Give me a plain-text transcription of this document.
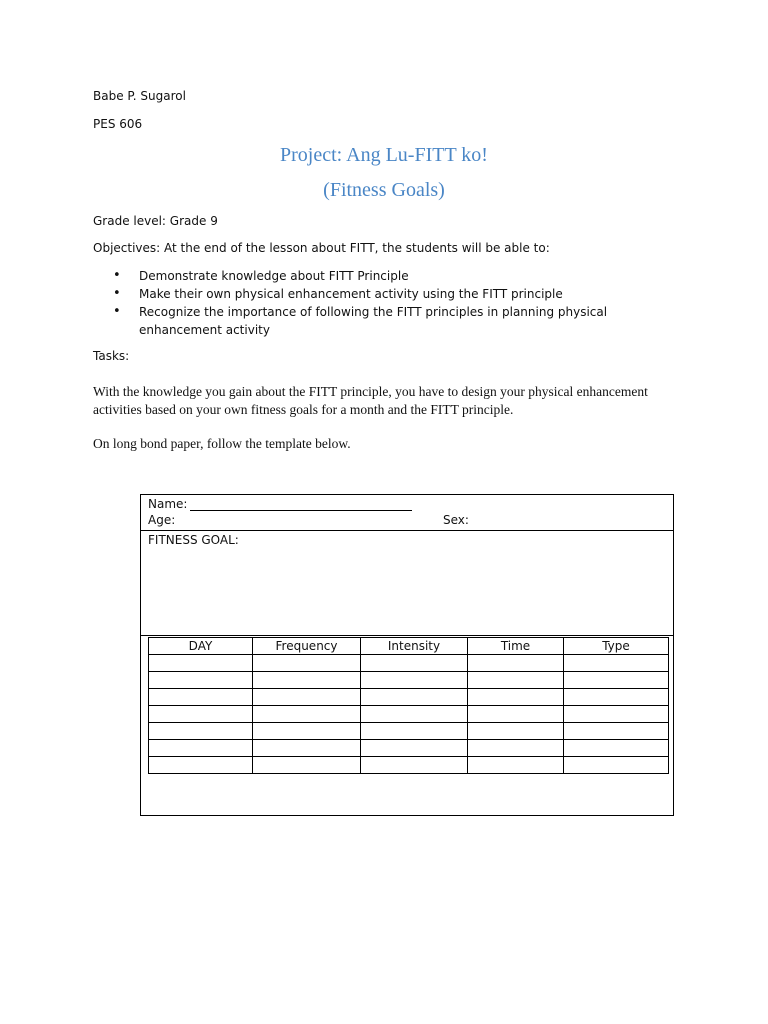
Babe P. Sugarol
PES 606
Project: Ang Lu-FITT ko!
(Fitness Goals)
Grade level: Grade 9
Objectives: At the end of the lesson about FITT, the students will be able to:
• Demonstrate knowledge about FITT Principle
• Make their own physical enhancement activity using the FITT principle
• Recognize the importance of following the FITT principles in planning physical enhancement activity
Tasks:
With the knowledge you gain about the FITT principle, you have to design your physical enhancement activities based on your own fitness goals for a month and the FITT principle.
On long bond paper, follow the template below.
Name:
Age:	Sex:
FITNESS GOAL:
DAY	Frequency	Intensity	Time	Type
